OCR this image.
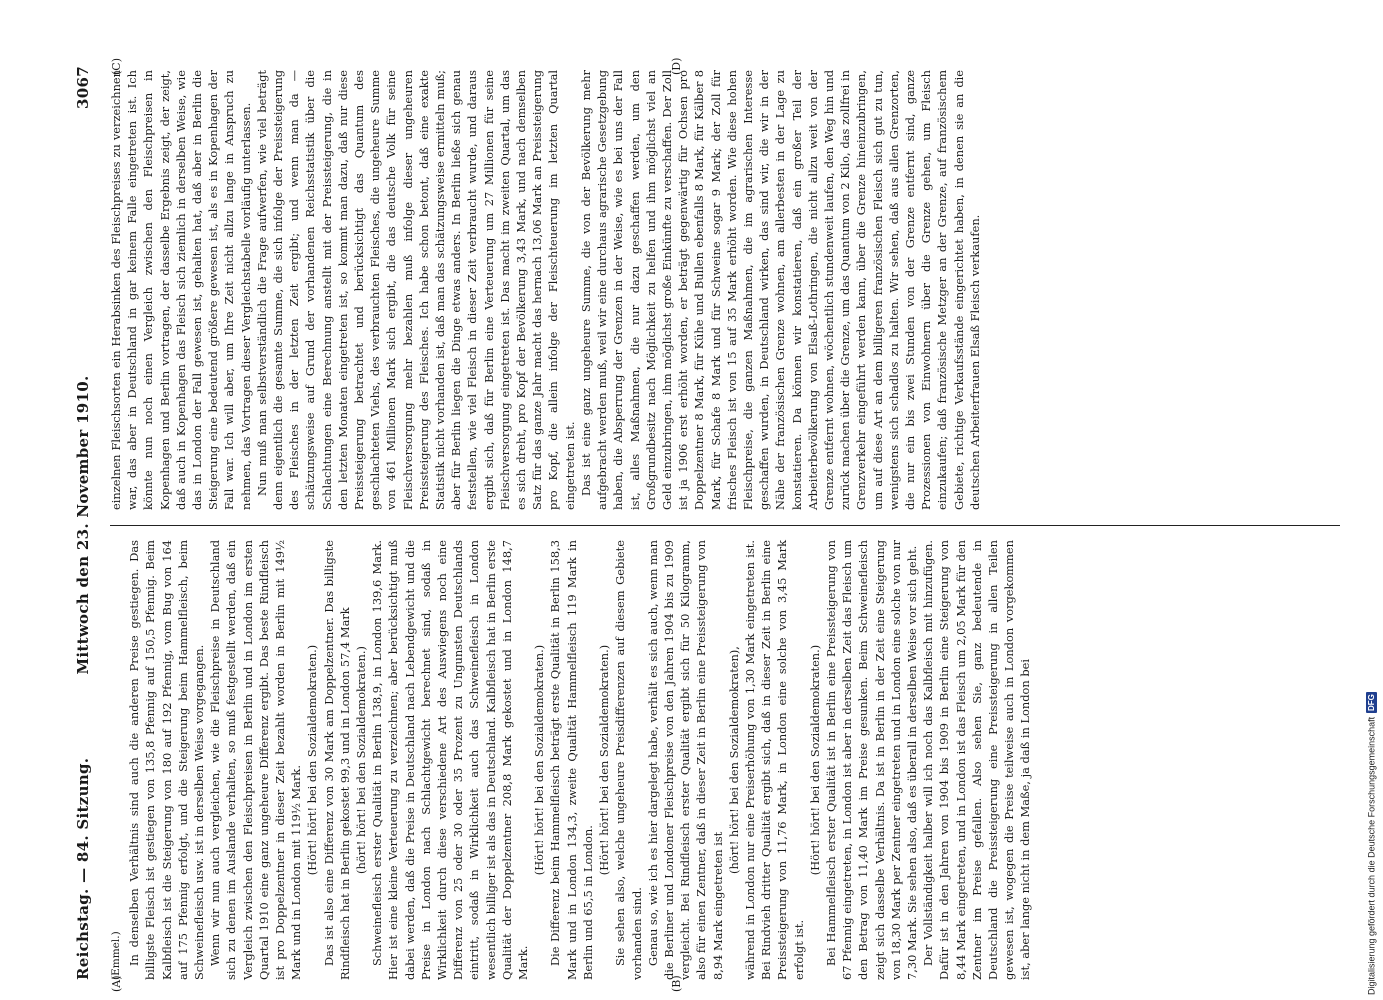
Reichstag. — 84. Sitzung.
Mittwoch den 23. November 1910.
3067
(A)	(B)
(C)	(D)

(Emmel.) In denselben Verhältnis sind auch die anderen Preise gestiegen. Das billigste Fleisch ist gestiegen von 135,8 Pfennig auf 150,5 Pfennig. Beim Kalbfleisch ist die Steigerung von 180 auf 192 Pfennig, vom Bug von 164 auf 175 Pfennig erfolgt, und die Steigerung beim Hammelfleisch, beim Schweinefleisch usw. ist in derselben Weise vorgegangen. Wenn wir nun auch vergleichen, wie die Fleischpreise in Deutschland sich zu denen im Auslande verhalten, so muß festgestellt werden, daß ein Vergleich zwischen den Fleischpreisen in Berlin und in London im ersten Quartal 1910 eine ganz ungeheure Differenz ergibt. Das beste Rindfleisch ist pro Doppelzentner in dieser Zeit bezahlt worden in Berlin mit 149½ Mark und in London mit 119½ Mark. (Hört! hört! bei den Sozialdemokraten.) Das ist also eine Differenz von 30 Mark am Doppelzentner. Das billigste Rindfleisch hat in Berlin gekostet 99,3 und in London 57,4 Mark (hört! hört! bei den Sozialdemokraten.) Schweinefleisch erster Qualität in Berlin 138,9, in London 139,6 Mark. Hier ist eine kleine Verteuerung zu verzeichnen; aber berücksichtigt muß dabei werden, daß die Preise in Deutschland nach Lebendgewicht und die Preise in London nach Schlachtgewicht berechnet sind, sodaß in Wirklichkeit durch diese verschiedene Art des Auswiegens noch eine Differenz von 25 oder 30 oder 35 Prozent zu Ungunsten Deutschlands eintritt, sodaß in Wirklichkeit auch das Schweinefleisch in London wesentlich billiger ist als das in Deutschland. Kalbfleisch hat in Berlin erste Qualität der Doppelzentner 208,8 Mark gekostet und in London 148,7 Mark.

(Hört! hört! bei den Sozialdemokraten.) Die Differenz beim Hammelfleisch beträgt erste Qualität in Berlin 158,3 Mark und in London 134,3, zweite Qualität Hammelfleisch 119 Mark in Berlin und 65,5 in London.

(Hört! hört! bei den Sozialdemokraten.) Sie sehen also, welche ungeheure Preisdifferenzen auf diesem Gebiete vorhanden sind. Genau so, wie ich es hier dargelegt habe, verhält es sich auch, wenn man die Berliner und Londoner Fleischpreise von den Jahren 1904 bis zu 1909 vergleicht. Bei Rindfleisch erster Qualität ergibt sich für 50 Kilogramm, also für einen Zentner, daß in dieser Zeit in Berlin eine Preissteigerung von 8,94 Mark eingetreten ist

(hört! hört! bei den Sozialdemokraten), während in London nur eine Preiserhöhung von 1,30 Mark eingetreten ist. Bei Rindvieh dritter Qualität ergibt sich, daß in dieser Zeit in Berlin eine Preissteigerung von 11,76 Mark, in London eine solche von 3,45 Mark erfolgt ist.

(Hört! hört! bei den Sozialdemokraten.) Bei Hammelfleisch erster Qualität ist in Berlin eine Preissteigerung von 67 Pfennig eingetreten, in London ist aber in derselben Zeit das Fleisch um den Betrag von 11,40 Mark im Preise gesunken. Beim Schweinefleisch zeigt sich dasselbe Verhältnis. Da ist in Berlin in der Zeit eine Steigerung von 18,30 Mark per Zentner eingetreten und in London eine solche von nur 7,30 Mark. Sie sehen also, daß es überall in derselben Weise vor sich geht. Der Vollständigkeit halber will ich noch das Kalbfleisch mit hinzufügen. Dafür ist in den Jahren von 1904 bis 1909 in Berlin eine Steigerung von 8,44 Mark eingetreten, und in London ist das Fleisch um 2,05 Mark für den Zentner im Preise gefallen. Also sehen Sie, ganz bedeutende in Deutschland die Preissteigerung eine Preissteigerung in allen Teilen gewesen ist, wogegen die Preise teilweise auch in London vorgekommen ist, aber lange nicht in dem Maße, ja daß in London bei

einzelnen Fleischsorten ein Herabsinken des Fleischpreises zu verzeichnen war, das aber in Deutschland in gar keinem Falle eingetreten ist. Ich könnte nun noch einen Vergleich zwischen den Fleischpreisen in Kopenhagen und Berlin vortragen, der dasselbe Ergebnis zeigt, der zeigt, daß auch in Kopenhagen das Fleisch sich ziemlich in derselben Weise, wie das in London der Fall gewesen ist, gehalten hat, daß aber in Berlin die Steigerung eine bedeutend größere gewesen ist, als es in Kopenhagen der Fall war. Ich will aber, um Ihre Zeit nicht allzu lange in Anspruch zu nehmen, das Vortragen dieser Vergleichstabelle vorläufig unterlassen. Nun muß man selbstverständlich die Frage aufwerfen, wie viel beträgt denn eigentlich die gesamte Summe, die sich infolge der Preissteigerung des Fleisches in der letzten Zeit ergibt; und wenn man da — schätzungsweise auf Grund der vorhandenen Reichsstatistik über die Schlachtungen eine Berechnung anstellt mit der Preissteigerung, die in den letzten Monaten eingetreten ist, so kommt man dazu, daß nur diese Preissteigerung betrachtet und berücksichtigt das Quantum des geschlachteten Viehs, des verbrauchten Fleisches, die ungeheure Summe von 461 Millionen Mark sich ergibt, die das deutsche Volk für seine Fleischversorgung mehr bezahlen muß infolge dieser ungeheuren Preissteigerung des Fleisches. Ich habe schon betont, daß eine exakte Statistik nicht vorhanden ist, daß man das schätzungsweise ermitteln muß; aber für Berlin liegen die Dinge etwas anders. In Berlin ließe sich genau feststellen, wie viel Fleisch in dieser Zeit verbraucht wurde, und daraus ergibt sich, daß für Berlin eine Verteuerung um 27 Millionen für seine Fleischversorgung eingetreten ist. Das macht im zweiten Quartal, um das es sich dreht, pro Kopf der Bevölkerung 3,43 Mark, und nach demselben Satz für das ganze Jahr macht das hernach 13,06 Mark an Preissteigerung pro Kopf, die allein infolge der Fleischteuerung im letzten Quartal eingetreten ist. Das ist eine ganz ungeheure Summe, die von der Bevölkerung mehr aufgebracht werden muß, weil wir eine durchaus agrarische Gesetzgebung haben, die Absperrung der Grenzen in der Weise, wie es bei uns der Fall ist, alles Maßnahmen, die nur dazu geschaffen werden, um den Großgrundbesitz nach Möglichkeit zu helfen und ihm möglichst viel an Geld einzubringen, ihm möglichst große Einkünfte zu verschaffen. Der Zoll ist ja 1906 erst erhöht worden, er beträgt gegenwärtig für Ochsen pro Doppelzentner 8 Mark, für Kühe und Bullen ebenfalls 8 Mark, für Kälber 8 Mark, für Schafe 8 Mark und für Schweine sogar 9 Mark; der Zoll für frisches Fleisch ist von 15 auf 35 Mark erhöht worden. Wie diese hohen Fleischpreise, die ganzen Maßnahmen, die im agrarischen Interesse geschaffen wurden, in Deutschland wirken, das sind wir, die wir in der Nähe der französischen Grenze wohnen, am allerbesten in der Lage zu konstatieren. Da können wir konstatieren, daß ein großer Teil der Arbeiterbevölkerung von Elsaß-Lothringen, die nicht allzu weit von der Grenze entfernt wohnen, wöchentlich stundenweit laufen, den Weg hin und zurück machen über die Grenze, um das Quantum von 2 Kilo, das zollfrei in Grenzverkehr eingeführt werden kann, über die Grenze hineinzubringen, um auf diese Art an dem billigeren französischen Fleisch sich gut zu tun, wenigstens sich schadlos zu halten. Wir sehen, daß aus allen Grenzorten, die nur ein bis zwei Stunden von der Grenze entfernt sind, ganze Prozessionen von Einwohnern über die Grenze gehen, um Fleisch einzukaufen; daß französische Metzger an der Grenze, auf französischem Gebiete, richtige Verkaufsstände eingerichtet haben, in denen sie an die deutschen Arbeiterfrauen Elsaß Fleisch verkaufen.

Digitalisierung gefördert durch die Deutsche Forschungsgemeinschaft
DFG
